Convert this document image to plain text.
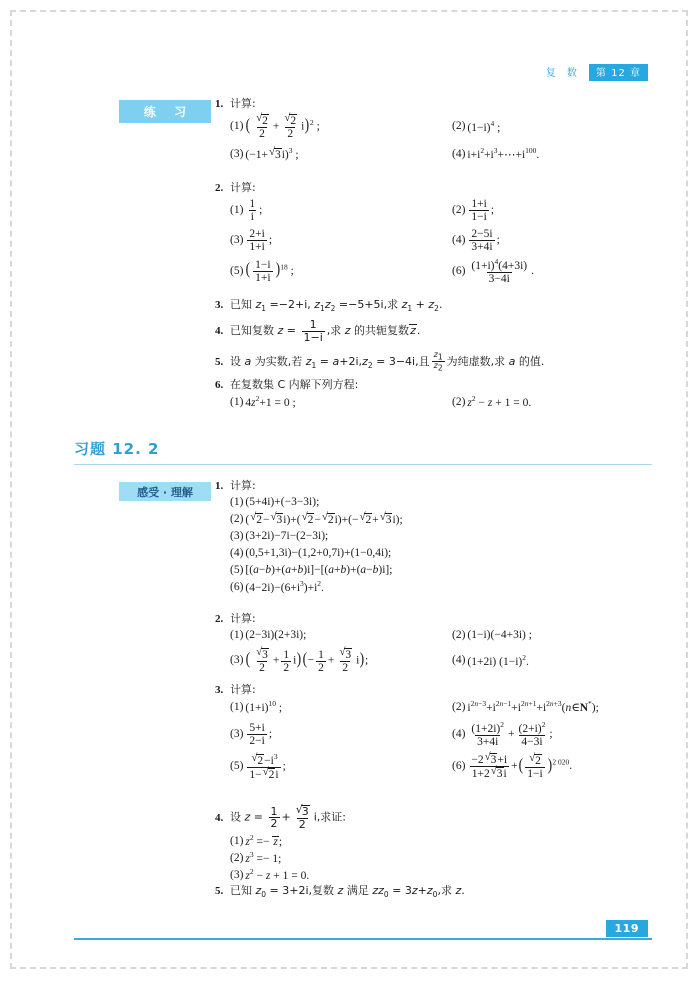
复 数	第 12 章
练 习
1. 计算:
(1) ( √ $\frac{2}{2}$ + √ $\frac{2}{2} i)^2$ ;	(2) $(1-i)^4$ ;
(3) (−1+ √ 3i)$^3$ ;	(4) $i+i^2+i^3+\cdots+i^{100}$.
2. 计算:
$(1) \frac{1}{i}$ ;	$(2) \frac{1+i}{1-i}$ ;
$(3) \frac{2+i}{1+i}$ ;	$(4) \frac{2-5i}{3+4i}$ ;
(5) ( $\frac{1-i}{1+i} )^{18}$ ;	$(6) \frac{(1+i)^4(4+3i)}{3-4i}$ .
3. 已知 $z_1 =-2+i$, $z_1z_2 =-5+5i$,求 $z_1 + z_2$.
4. 已知复数 $z = \frac{1}{1-i}$ ,求 z 的共轭复数z.
5. 设 a 为实数,若 $z_1 = a+2i,z_2 = 3-4i$,且 $\frac{z_1}{z_2}$ 为纯虚数,求 a 的值.
6. 在复数集 C 内解下列方程:
(1) $4z^2+1 = 0$ ;	(2) $z^2 - z + 1 = 0$.
习题 12. 2
感受 · 理解	1. 计算:
(1) (5+4i)+(−3−3i);
(2) ( √ 2− √ 3i)+( √ 2− √ 2i)+(− √ 2+ √ 3i);
(3) (3+2i)−7i−(2−3i);
(4) (0,5+1,3i)−(1,2+0,7i)+(1−0,4i);
(5) [(a−b)+(a+b)i]−[(a+b)+(a−b)i];
(6) $(4-2i)-(6+i^3)+i^2$.
2. 计算:
(1) (2−3i)(2+3i);	(2) (1−i)(−4+3i) ;
(3) ( √ $\frac{3}{2} + \frac{1}{2} i)(- \frac{1}{2}$ + √ $\frac{3}{2} i$);	(4) (1+2i) $(1-i)^2$.
3. 计算:
(1) $(1+i)^{10}$ ;	(2) $i^{2n-3}+i^{2n-1}+i^{2n+1}+i^{2n+3}(n\in N^*)$;
$(3) \frac{5+i}{2-i}$ ;	$(4) \frac{(1+2i)^2}{3+4i} + \frac{(2+i)^2}{4-3i}$ ;
(5) √ $\frac{2-i^3}{1- √ 2i}$ ;	$(6) \frac{-2 √ 3+i}{1+2 √ 3i}$ +( √ $\frac{2}{1-i} )^{2 020}$.
4. 设 $z = \frac{1}{2}$ + √ $\frac{3}{2} i$,求证:
(1) $z^2 =- z$;
(2) $z^3 =- 1$;
(3) $z^2 - z + 1 = 0$.
5. 已知 $z_0 = 3+2i$,复数 z 满足 $zz_0 = 3z+z_0$,求 z.
119
